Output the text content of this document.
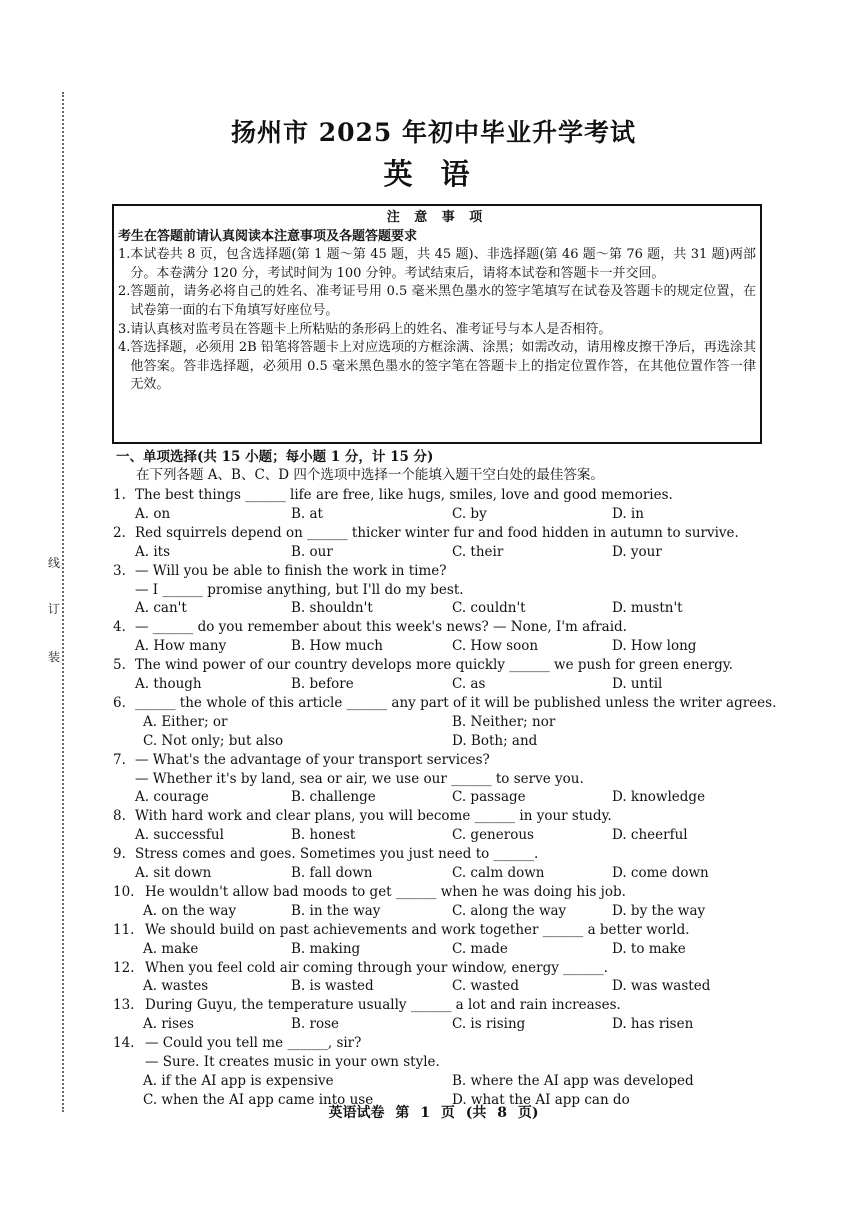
线
订
装
扬州市 2025 年初中毕业升学考试
英语
注 意 事 项
考生在答题前请认真阅读本注意事项及各题答题要求
1. 本试卷共 8 页，包含选择题(第 1 题～第 45 题，共 45 题)、非选择题(第 46 题～第 76 题，共 31 题)两部分。本卷满分 120 分，考试时间为 100 分钟。考试结束后，请将本试卷和答题卡一并交回。
2. 答题前，请务必将自己的姓名、准考证号用 0.5 毫米黑色墨水的签字笔填写在试卷及答题卡的规定位置，在试卷第一面的右下角填写好座位号。
3. 请认真核对监考员在答题卡上所粘贴的条形码上的姓名、准考证号与本人是否相符。
4. 答选择题，必须用 2B 铅笔将答题卡上对应选项的方框涂满、涂黑；如需改动，请用橡皮擦干净后，再选涂其他答案。答非选择题，必须用 0.5 毫米黑色墨水的签字笔在答题卡上的指定位置作答，在其他位置作答一律无效。
一、单项选择(共 15 小题；每小题 1 分，计 15 分)
在下列各题 A、B、C、D 四个选项中选择一个能填入题干空白处的最佳答案。
1. The best things ______ life are free, like hugs, smiles, love and good memories.
A. on	B. at	C. by	D. in
2. Red squirrels depend on ______ thicker winter fur and food hidden in autumn to survive.
A. its	B. our	C. their	D. your
3. — Will you be able to finish the work in time?
— I ______ promise anything, but I'll do my best.
A. can't	B. shouldn't	C. couldn't	D. mustn't
4. — ______ do you remember about this week's news? — None, I'm afraid.
A. How many	B. How much	C. How soon	D. How long
5. The wind power of our country develops more quickly ______ we push for green energy.
A. though	B. before	C. as	D. until
6. ______ the whole of this article ______ any part of it will be published unless the writer agrees.
A. Either; or	B. Neither; nor
C. Not only; but also	D. Both; and
7. — What's the advantage of your transport services?
— Whether it's by land, sea or air, we use our ______ to serve you.
A. courage	B. challenge	C. passage	D. knowledge
8. With hard work and clear plans, you will become ______ in your study.
A. successful	B. honest	C. generous	D. cheerful
9. Stress comes and goes. Sometimes you just need to ______.
A. sit down	B. fall down	C. calm down	D. come down
10. He wouldn't allow bad moods to get ______ when he was doing his job.
A. on the way	B. in the way	C. along the way	D. by the way
11. We should build on past achievements and work together ______ a better world.
A. make	B. making	C. made	D. to make
12. When you feel cold air coming through your window, energy ______.
A. wastes	B. is wasted	C. wasted	D. was wasted
13. During Guyu, the temperature usually ______ a lot and rain increases.
A. rises	B. rose	C. is rising	D. has risen
14. — Could you tell me ______, sir?
— Sure. It creates music in your own style.
A. if the AI app is expensive	B. where the AI app was developed
C. when the AI app came into use	D. what the AI app can do
英语试卷 第 1 页 (共 8 页)
